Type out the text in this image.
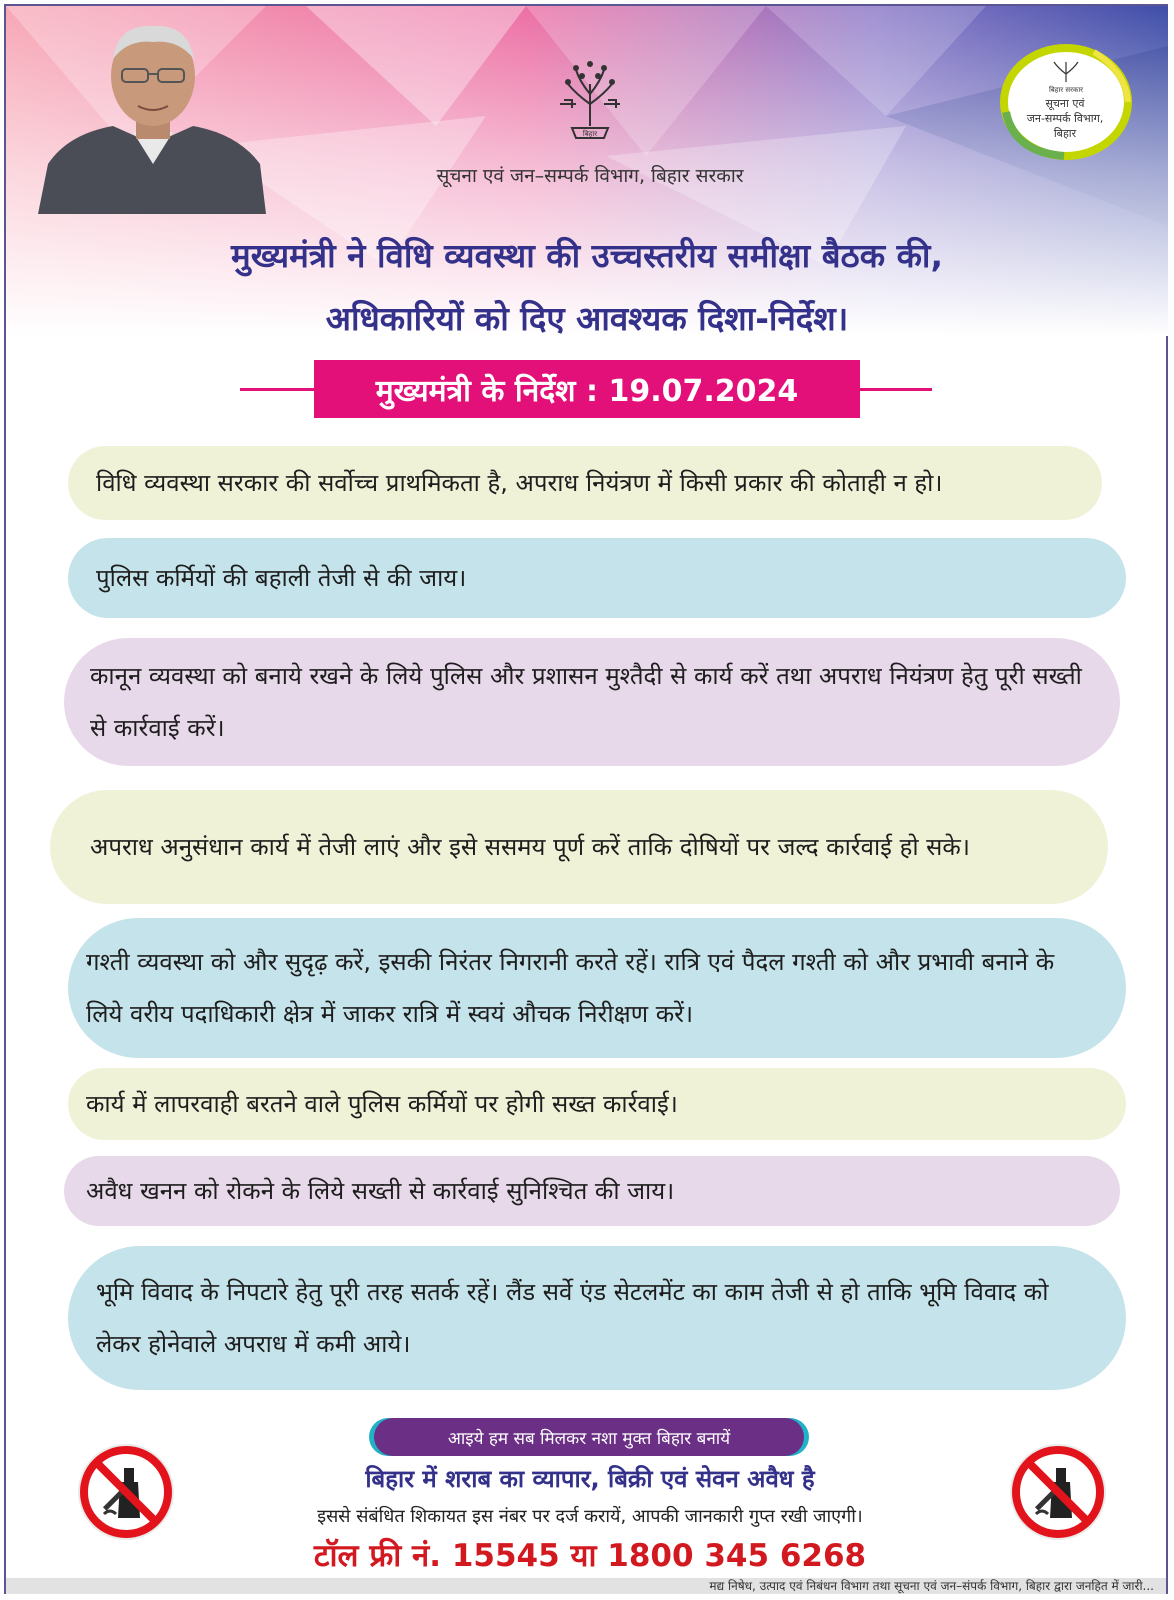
बिहार
सूचना एवं जन–सम्पर्क विभाग, बिहार सरकार
बिहार सरकार
सूचना एवं
जन-सम्पर्क विभाग,
बिहार
मुख्यमंत्री ने विधि व्यवस्था की उच्चस्तरीय समीक्षा बैठक की,
अधिकारियों को दिए आवश्यक दिशा-निर्देश।
मुख्यमंत्री के निर्देश : 19.07.2024
विधि व्यवस्था सरकार की सर्वोच्च प्राथमिकता है, अपराध नियंत्रण में किसी प्रकार की कोताही न हो।
पुलिस कर्मियों की बहाली तेजी से की जाय।
कानून व्यवस्था को बनाये रखने के लिये पुलिस और प्रशासन मुश्तैदी से कार्य करें तथा अपराध नियंत्रण हेतु पूरी सख्ती से कार्रवाई करें।
अपराध अनुसंधान कार्य में तेजी लाएं और इसे ससमय पूर्ण करें ताकि दोषियों पर जल्द कार्रवाई हो सके।
गश्ती व्यवस्था को और सुदृढ़ करें, इसकी निरंतर निगरानी करते रहें। रात्रि एवं पैदल गश्ती को और प्रभावी बनाने के लिये वरीय पदाधिकारी क्षेत्र में जाकर रात्रि में स्वयं औचक निरीक्षण करें।
कार्य में लापरवाही बरतने वाले पुलिस कर्मियों पर होगी सख्त कार्रवाई।
अवैध खनन को रोकने के लिये सख्ती से कार्रवाई सुनिश्चित की जाय।
भूमि विवाद के निपटारे हेतु पूरी तरह सतर्क रहें। लैंड सर्वे एंड सेटलमेंट का काम तेजी से हो ताकि भूमि विवाद को लेकर होनेवाले अपराध में कमी आये।
आइये हम सब मिलकर नशा मुक्त बिहार बनायें
बिहार में शराब का व्यापार, बिक्री एवं सेवन अवैध है
इससे संबंधित शिकायत इस नंबर पर दर्ज करायें, आपकी जानकारी गुप्त रखी जाएगी।
टॉल फ्री नं. 15545 या 1800 345 6268
मद्य निषेध, उत्पाद एवं निबंधन विभाग तथा सूचना एवं जन–संपर्क विभाग, बिहार द्वारा जनहित में जारी...
